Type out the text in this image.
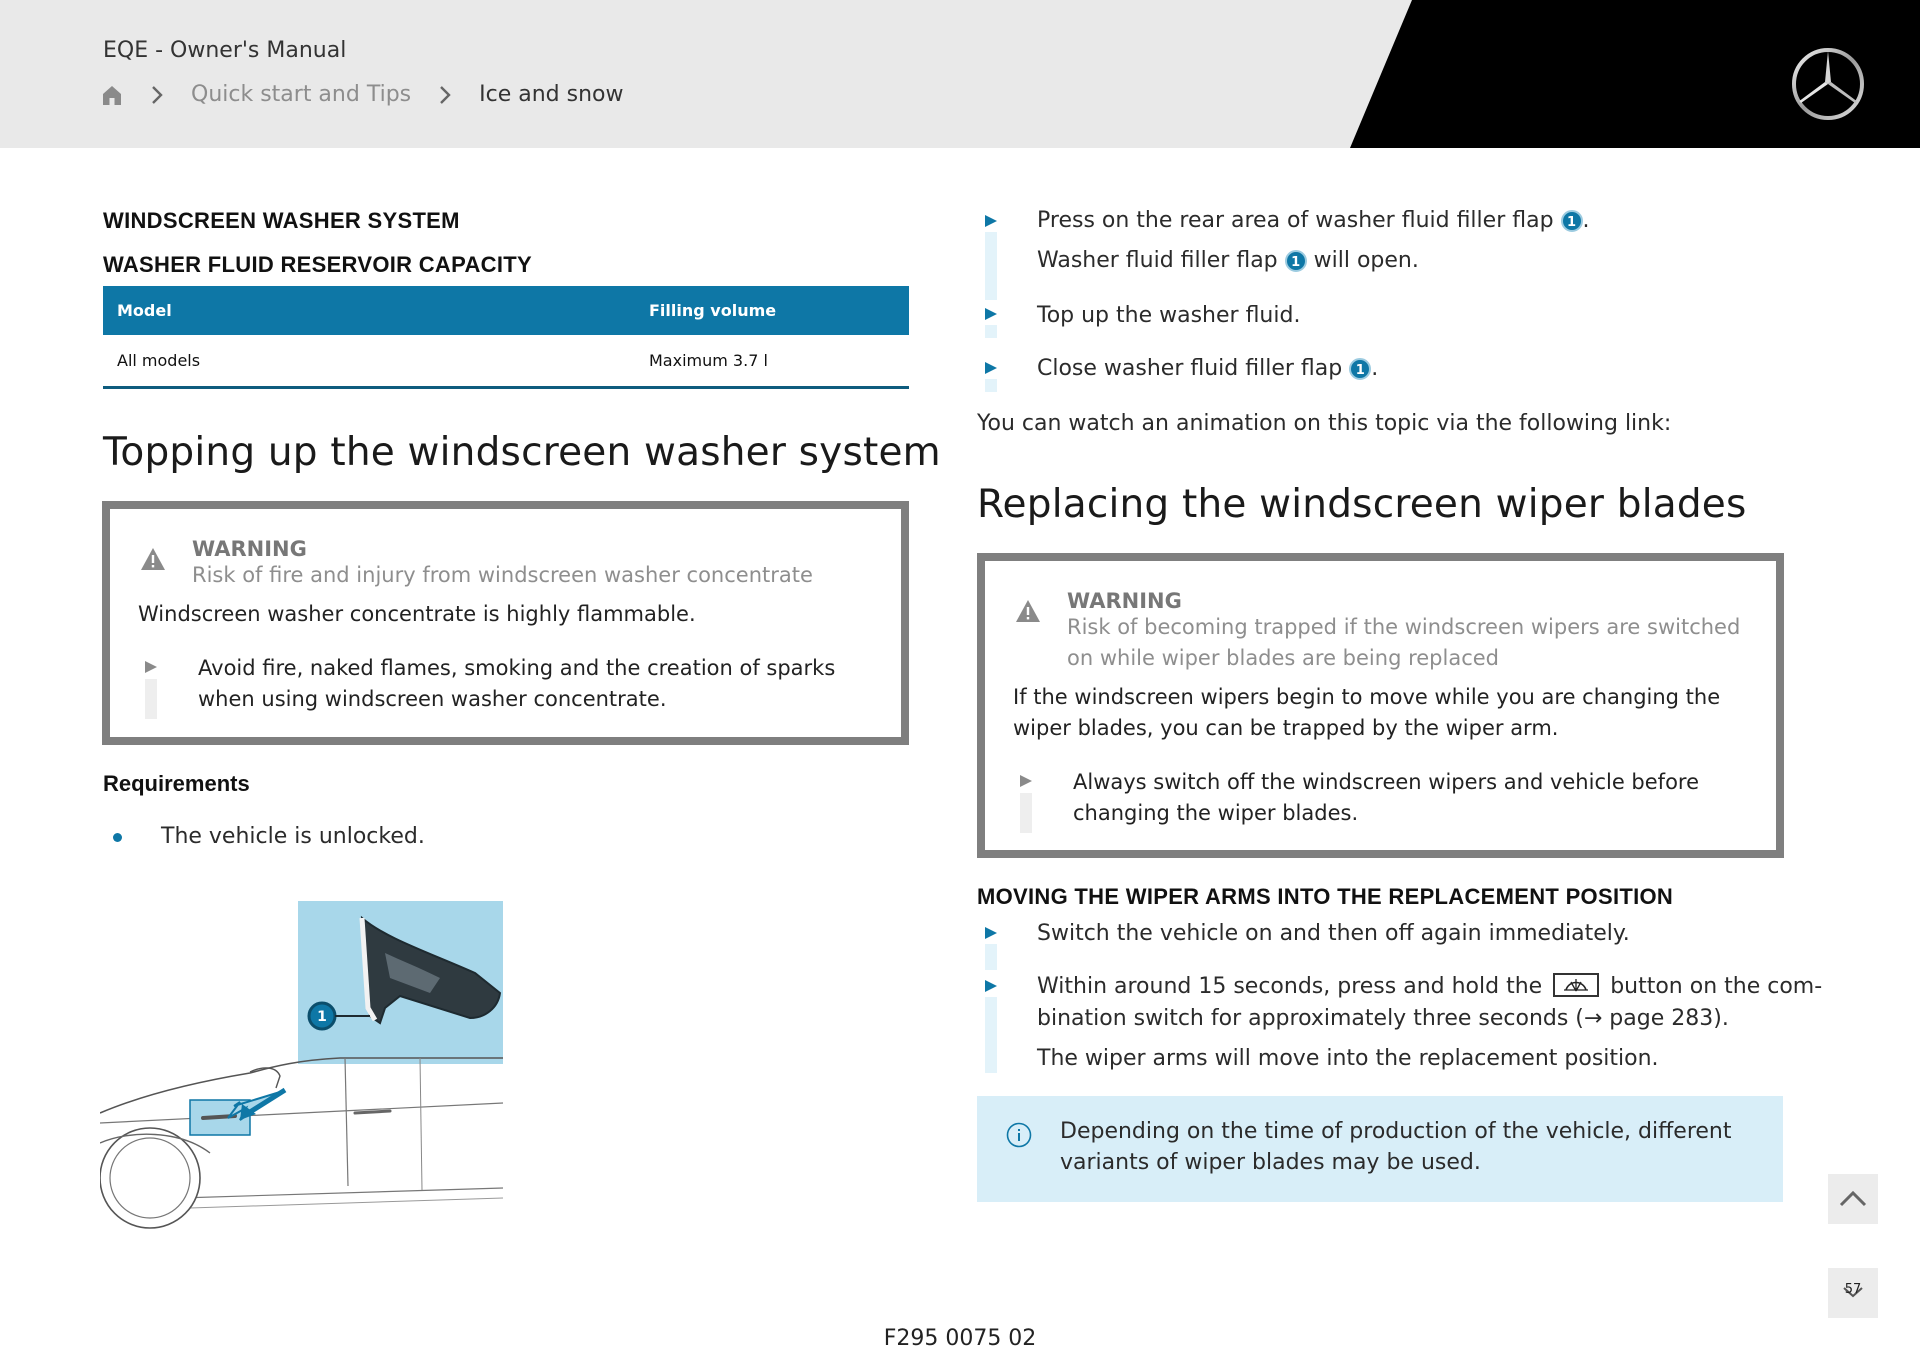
EQE - Owner's Manual
Quick start and Tips	Ice and snow
WINDSCREEN WASHER SYSTEM
WASHER FLUID RESERVOIR CAPACITY
Model	Filling volume
All models	Maximum 3.7 l
Topping up the windscreen washer system
WARNING
Risk of fire and injury from windscreen washer concentrate
Windscreen washer concentrate is highly flammable.
Avoid fire, naked flames, smoking and the creation of sparks
when using windscreen washer concentrate.
Requirements
The vehicle is unlocked.
1
Press on the rear area of washer fluid filler flap 1 .
Washer fluid filler flap 1 will open.
Top up the washer fluid.
Close washer fluid filler flap 1 .
You can watch an animation on this topic via the following link:
Replacing the windscreen wiper blades
WARNING
Risk of becoming trapped if the windscreen wipers are switched
on while wiper blades are being replaced
If the windscreen wipers begin to move while you are changing the
wiper blades, you can be trapped by the wiper arm.
Always switch off the windscreen wipers and vehicle before
changing the wiper blades.
MOVING THE WIPER ARMS INTO THE REPLACEMENT POSITION
Switch the vehicle on and then off again immediately.
Within around 15 seconds, press and hold the	button on the com-
bination switch for approximately three seconds (→ page 283).
The wiper arms will move into the replacement position.
Depending on the time of production of the vehicle, different
variants of wiper blades may be used.
57
F295 0075 02
